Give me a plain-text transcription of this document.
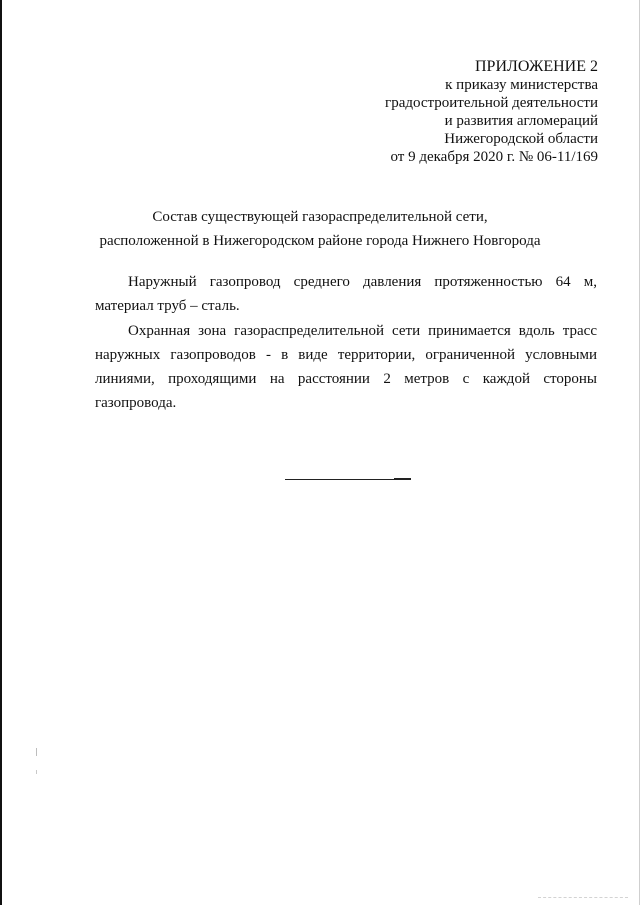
ПРИЛОЖЕНИЕ 2
к приказу министерства
градостроительной деятельности
и развития агломераций
Нижегородской области
от 9 декабря 2020 г. № 06-11/169
Состав существующей газораспределительной сети,
расположенной в Нижегородском районе города Нижнего Новгорода

Наружный газопровод среднего давления протяженностью 64 м, материал труб – сталь.

Охранная зона газораспределительной сети принимается вдоль трасс наружных газопроводов - в виде территории, ограниченной условными линиями, проходящими на расстоянии 2 метров с каждой стороны газопровода.
